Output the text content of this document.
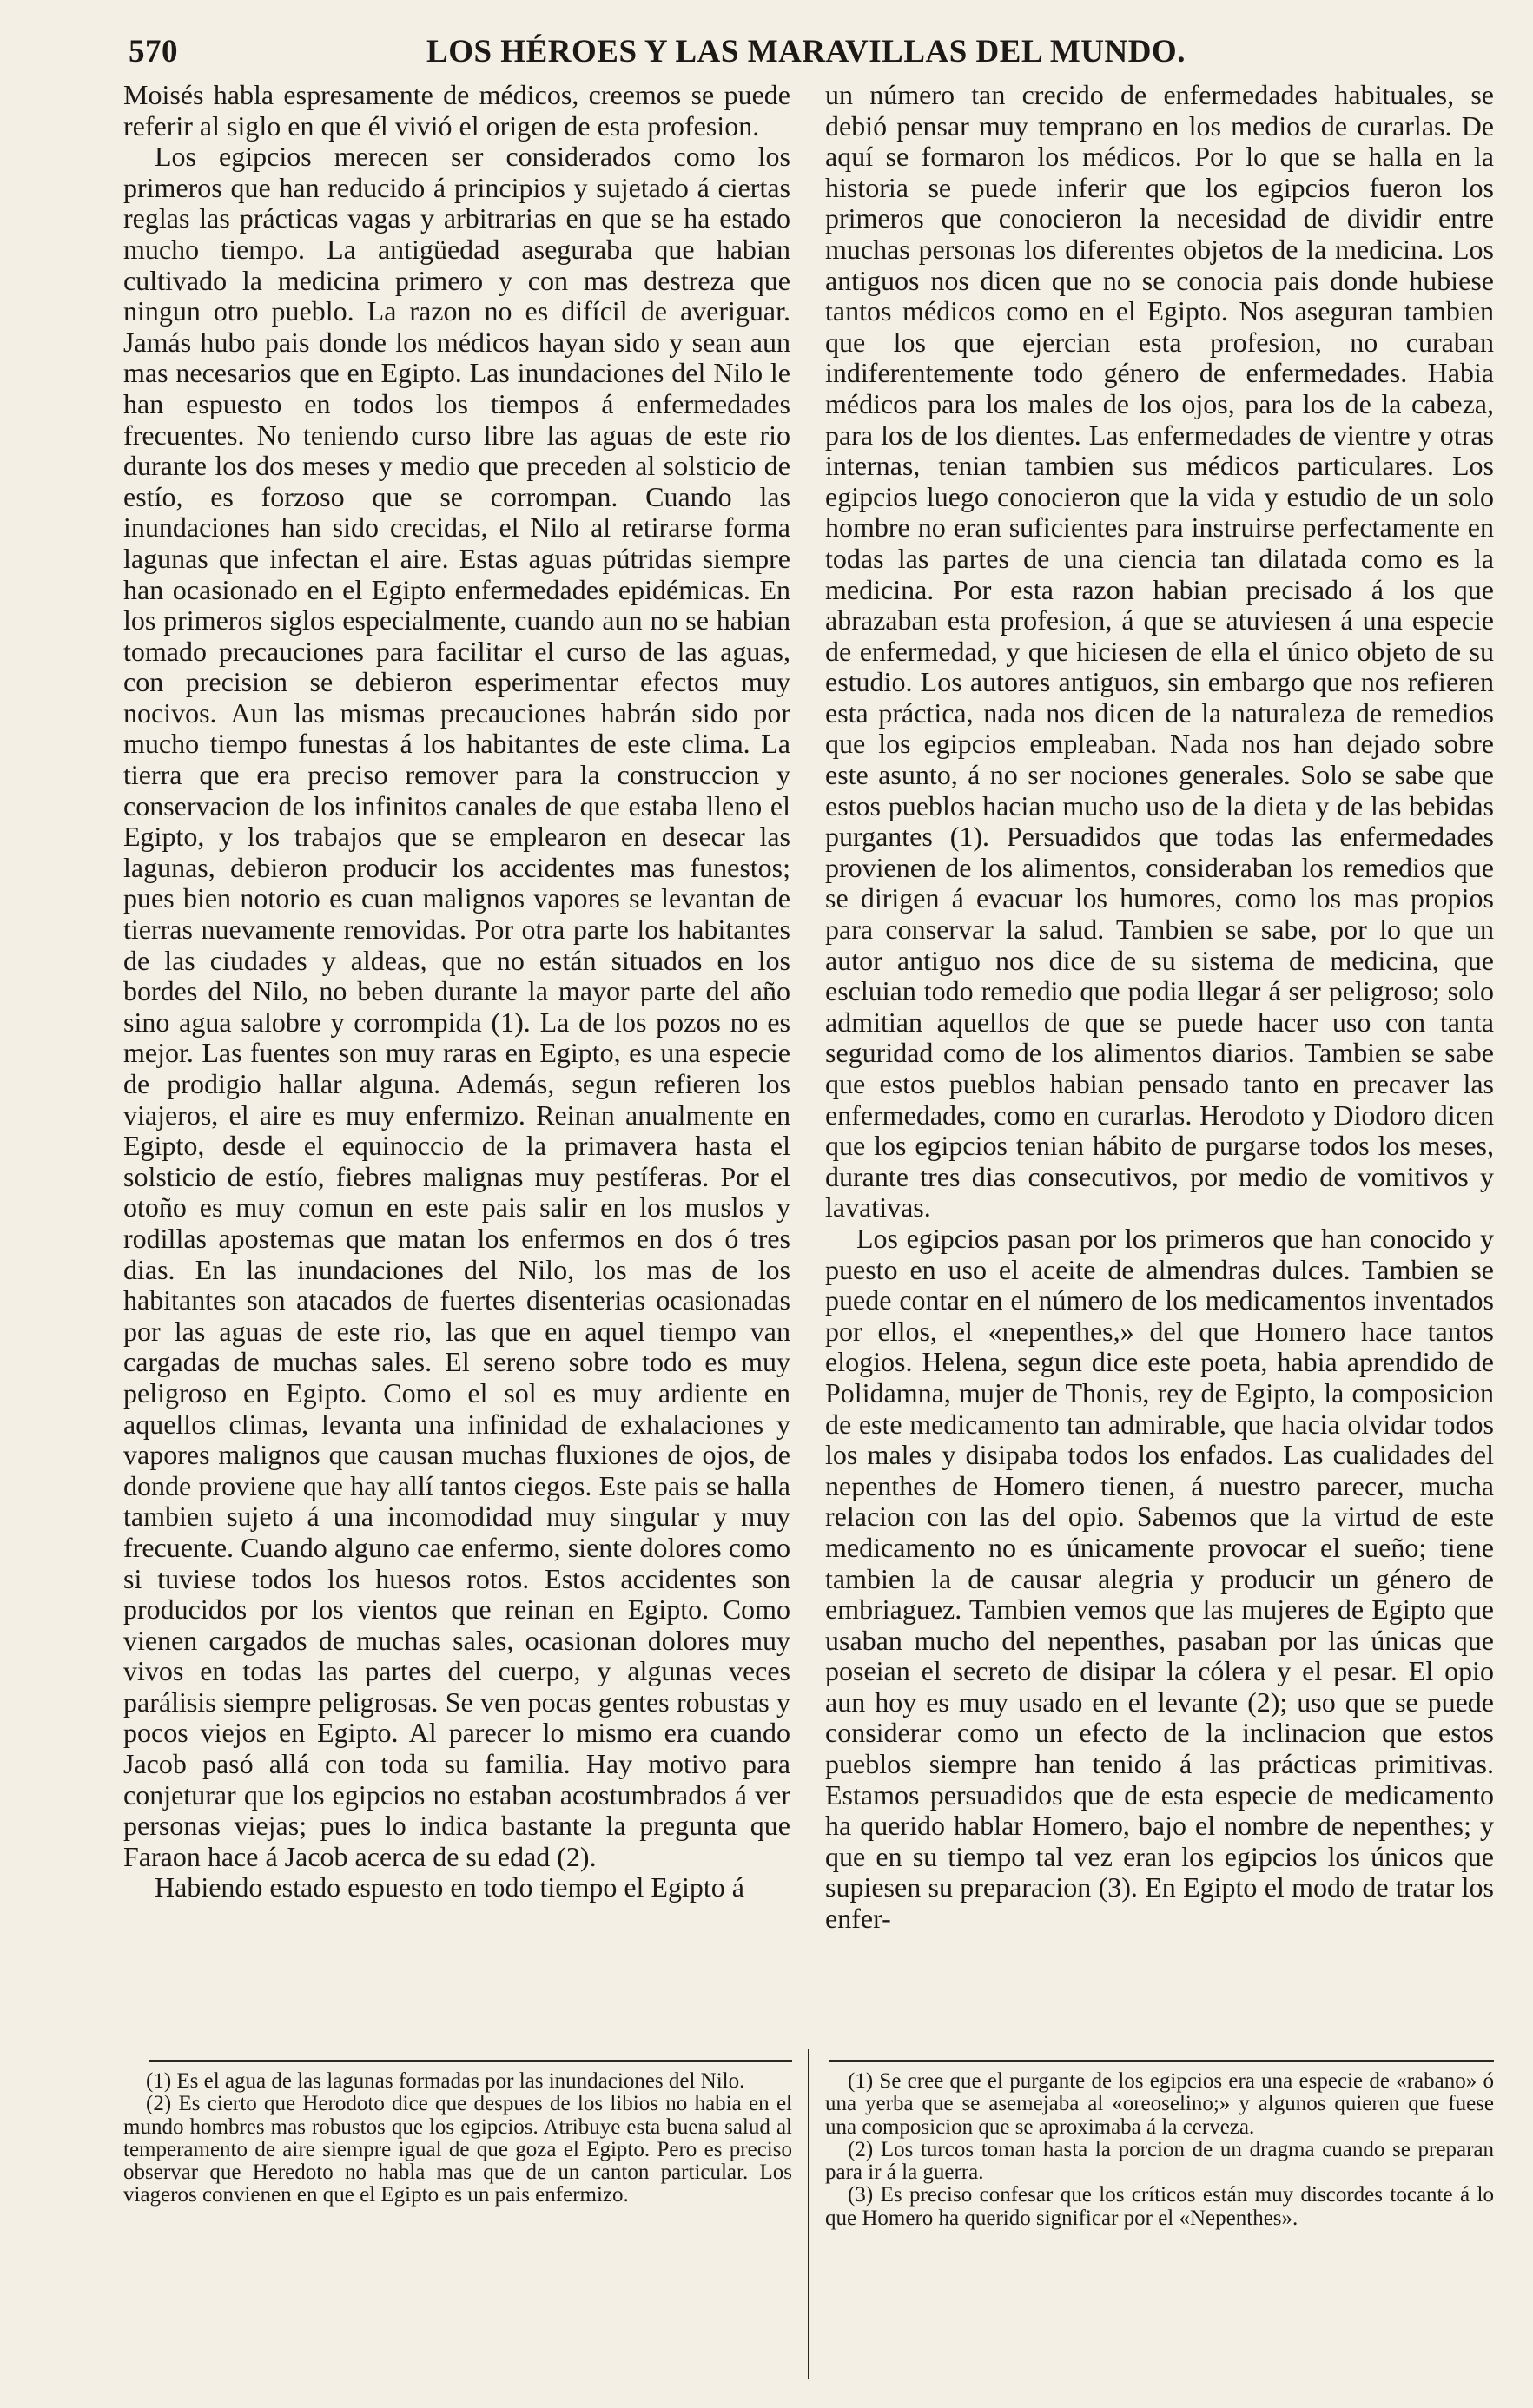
570	LOS HÉROES Y LAS MARAVILLAS DEL MUNDO.

Moisés habla espresamente de médicos, creemos se puede referir al siglo en que él vivió el origen de esta profesion.

Los egipcios merecen ser considerados como los primeros que han reducido á principios y sujetado á ciertas reglas las prácticas vagas y arbitrarias en que se ha estado mucho tiempo. La antigüedad aseguraba que habian cultivado la medicina primero y con mas destreza que ningun otro pueblo. La razon no es difícil de averiguar. Jamás hubo pais donde los médicos hayan sido y sean aun mas necesarios que en Egipto. Las inundaciones del Nilo le han espuesto en todos los tiempos á enfermedades frecuentes. No teniendo curso libre las aguas de este rio durante los dos meses y medio que preceden al solsticio de estío, es forzoso que se corrompan. Cuando las inundaciones han sido crecidas, el Nilo al retirarse forma lagunas que infectan el aire. Estas aguas pútridas siempre han ocasionado en el Egipto enfermedades epidémicas. En los primeros siglos especialmente, cuando aun no se habian tomado precauciones para facilitar el curso de las aguas, con precision se debieron esperimentar efectos muy nocivos. Aun las mismas precauciones habrán sido por mucho tiempo funestas á los habitantes de este clima. La tierra que era preciso remover para la construccion y conservacion de los infinitos canales de que estaba lleno el Egipto, y los trabajos que se emplearon en desecar las lagunas, debieron producir los accidentes mas funestos; pues bien notorio es cuan malignos vapores se levantan de tierras nuevamente removidas. Por otra parte los habitantes de las ciudades y aldeas, que no están situados en los bordes del Nilo, no beben durante la mayor parte del año sino agua salobre y corrompida (1). La de los pozos no es mejor. Las fuentes son muy raras en Egipto, es una especie de prodigio hallar alguna. Además, segun refieren los viajeros, el aire es muy enfermizo. Reinan anualmente en Egipto, desde el equinoccio de la primavera hasta el solsticio de estío, fiebres malignas muy pestíferas. Por el otoño es muy comun en este pais salir en los muslos y rodillas apostemas que matan los enfermos en dos ó tres dias. En las inundaciones del Nilo, los mas de los habitantes son atacados de fuertes disenterias ocasionadas por las aguas de este rio, las que en aquel tiempo van cargadas de muchas sales. El sereno sobre todo es muy peligroso en Egipto. Como el sol es muy ardiente en aquellos climas, levanta una infinidad de exhalaciones y vapores malignos que causan muchas fluxiones de ojos, de donde proviene que hay allí tantos ciegos. Este pais se halla tambien sujeto á una incomodidad muy singular y muy frecuente. Cuando alguno cae enfermo, siente dolores como si tuviese todos los huesos rotos. Estos accidentes son producidos por los vientos que reinan en Egipto. Como vienen cargados de muchas sales, ocasionan dolores muy vivos en todas las partes del cuerpo, y algunas veces parálisis siempre peligrosas. Se ven pocas gentes robustas y pocos viejos en Egipto. Al parecer lo mismo era cuando Jacob pasó allá con toda su familia. Hay motivo para conjeturar que los egipcios no estaban acostumbrados á ver personas viejas; pues lo indica bastante la pregunta que Faraon hace á Jacob acerca de su edad (2).

Habiendo estado espuesto en todo tiempo el Egipto á

un número tan crecido de enfermedades habituales, se debió pensar muy temprano en los medios de curarlas. De aquí se formaron los médicos. Por lo que se halla en la historia se puede inferir que los egipcios fueron los primeros que conocieron la necesidad de dividir entre muchas personas los diferentes objetos de la medicina. Los antiguos nos dicen que no se conocia pais donde hubiese tantos médicos como en el Egipto. Nos aseguran tambien que los que ejercian esta profesion, no curaban indiferentemente todo género de enfermedades. Habia médicos para los males de los ojos, para los de la cabeza, para los de los dientes. Las enfermedades de vientre y otras internas, tenian tambien sus médicos particulares. Los egipcios luego conocieron que la vida y estudio de un solo hombre no eran suficientes para instruirse perfectamente en todas las partes de una ciencia tan dilatada como es la medicina. Por esta razon habian precisado á los que abrazaban esta profesion, á que se atuviesen á una especie de enfermedad, y que hiciesen de ella el único objeto de su estudio. Los autores antiguos, sin embargo que nos refieren esta práctica, nada nos dicen de la naturaleza de remedios que los egipcios empleaban. Nada nos han dejado sobre este asunto, á no ser nociones generales. Solo se sabe que estos pueblos hacian mucho uso de la dieta y de las bebidas purgantes (1). Persuadidos que todas las enfermedades provienen de los alimentos, consideraban los remedios que se dirigen á evacuar los humores, como los mas propios para conservar la salud. Tambien se sabe, por lo que un autor antiguo nos dice de su sistema de medicina, que escluian todo remedio que podia llegar á ser peligroso; solo admitian aquellos de que se puede hacer uso con tanta seguridad como de los alimentos diarios. Tambien se sabe que estos pueblos habian pensado tanto en precaver las enfermedades, como en curarlas. Herodoto y Diodoro dicen que los egipcios tenian hábito de purgarse todos los meses, durante tres dias consecutivos, por medio de vomitivos y lavativas.

Los egipcios pasan por los primeros que han conocido y puesto en uso el aceite de almendras dulces. Tambien se puede contar en el número de los medicamentos inventados por ellos, el «nepenthes,» del que Homero hace tantos elogios. Helena, segun dice este poeta, habia aprendido de Polidamna, mujer de Thonis, rey de Egipto, la composicion de este medicamento tan admirable, que hacia olvidar todos los males y disipaba todos los enfados. Las cualidades del nepenthes de Homero tienen, á nuestro parecer, mucha relacion con las del opio. Sabemos que la virtud de este medicamento no es únicamente provocar el sueño; tiene tambien la de causar alegria y producir un género de embriaguez. Tambien vemos que las mujeres de Egipto que usaban mucho del nepenthes, pasaban por las únicas que poseian el secreto de disipar la cólera y el pesar. El opio aun hoy es muy usado en el levante (2); uso que se puede considerar como un efecto de la inclinacion que estos pueblos siempre han tenido á las prácticas primitivas. Estamos persuadidos que de esta especie de medicamento ha querido hablar Homero, bajo el nombre de nepenthes; y que en su tiempo tal vez eran los egipcios los únicos que supiesen su preparacion (3). En Egipto el modo de tratar los enfer-

(1) Es el agua de las lagunas formadas por las inundaciones del Nilo.

(2) Es cierto que Herodoto dice que despues de los libios no habia en el mundo hombres mas robustos que los egipcios. Atribuye esta buena salud al temperamento de aire siempre igual de que goza el Egipto. Pero es preciso observar que Heredoto no habla mas que de un canton particular. Los viageros convienen en que el Egipto es un pais enfermizo.

(1) Se cree que el purgante de los egipcios era una especie de «rabano» ó una yerba que se asemejaba al «oreoselino;» y algunos quieren que fuese una composicion que se aproximaba á la cerveza.

(2) Los turcos toman hasta la porcion de un dragma cuando se preparan para ir á la guerra.

(3) Es preciso confesar que los críticos están muy discordes tocante á lo que Homero ha querido significar por el «Nepenthes».
